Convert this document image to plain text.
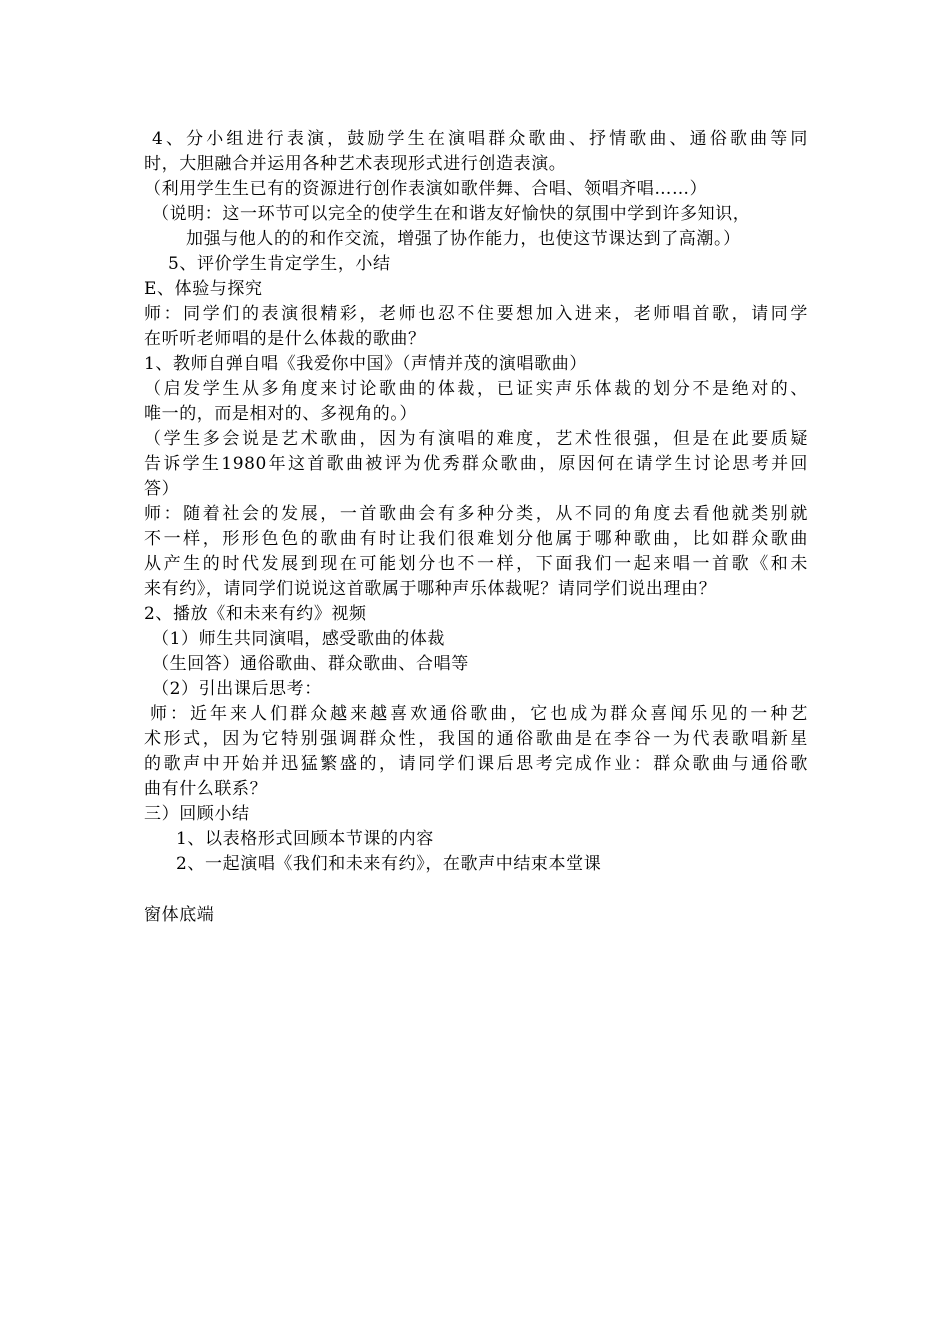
4、分小组进行表演，鼓励学生在演唱群众歌曲、抒情歌曲、通俗歌曲等同
时，大胆融合并运用各种艺术表现形式进行创造表演。
（利用学生生已有的资源进行创作表演如歌伴舞、合唱、领唱齐唱……）
（说明：这一环节可以完全的使学生在和谐友好愉快的氛围中学到许多知识，
加强与他人的的和作交流，增强了协作能力，也使这节课达到了高潮。）
5、评价学生肯定学生，小结
E、体验与探究
师：同学们的表演很精彩，老师也忍不住要想加入进来，老师唱首歌，请同学
在听听老师唱的是什么体裁的歌曲？
1、教师自弹自唱《我爱你中国》（声情并茂的演唱歌曲）
（启发学生从多角度来讨论歌曲的体裁，已证实声乐体裁的划分不是绝对的、
唯一的，而是相对的、多视角的。）
（学生多会说是艺术歌曲，因为有演唱的难度，艺术性很强，但是在此要质疑
告诉学生1980年这首歌曲被评为优秀群众歌曲，原因何在请学生讨论思考并回
答）
师：随着社会的发展，一首歌曲会有多种分类，从不同的角度去看他就类别就
不一样，形形色色的歌曲有时让我们很难划分他属于哪种歌曲，比如群众歌曲
从产生的时代发展到现在可能划分也不一样，下面我们一起来唱一首歌《和未
来有约》，请同学们说说这首歌属于哪种声乐体裁呢？请同学们说出理由？
2、播放《和未来有约》视频
（1）师生共同演唱，感受歌曲的体裁
（生回答）通俗歌曲、群众歌曲、合唱等
（2）引出课后思考：
师：近年来人们群众越来越喜欢通俗歌曲，它也成为群众喜闻乐见的一种艺
术形式，因为它特别强调群众性，我国的通俗歌曲是在李谷一为代表歌唱新星
的歌声中开始并迅猛繁盛的，请同学们课后思考完成作业：群众歌曲与通俗歌
曲有什么联系？
三）回顾小结
1、以表格形式回顾本节课的内容
2、一起演唱《我们和未来有约》，在歌声中结束本堂课
窗体底端
